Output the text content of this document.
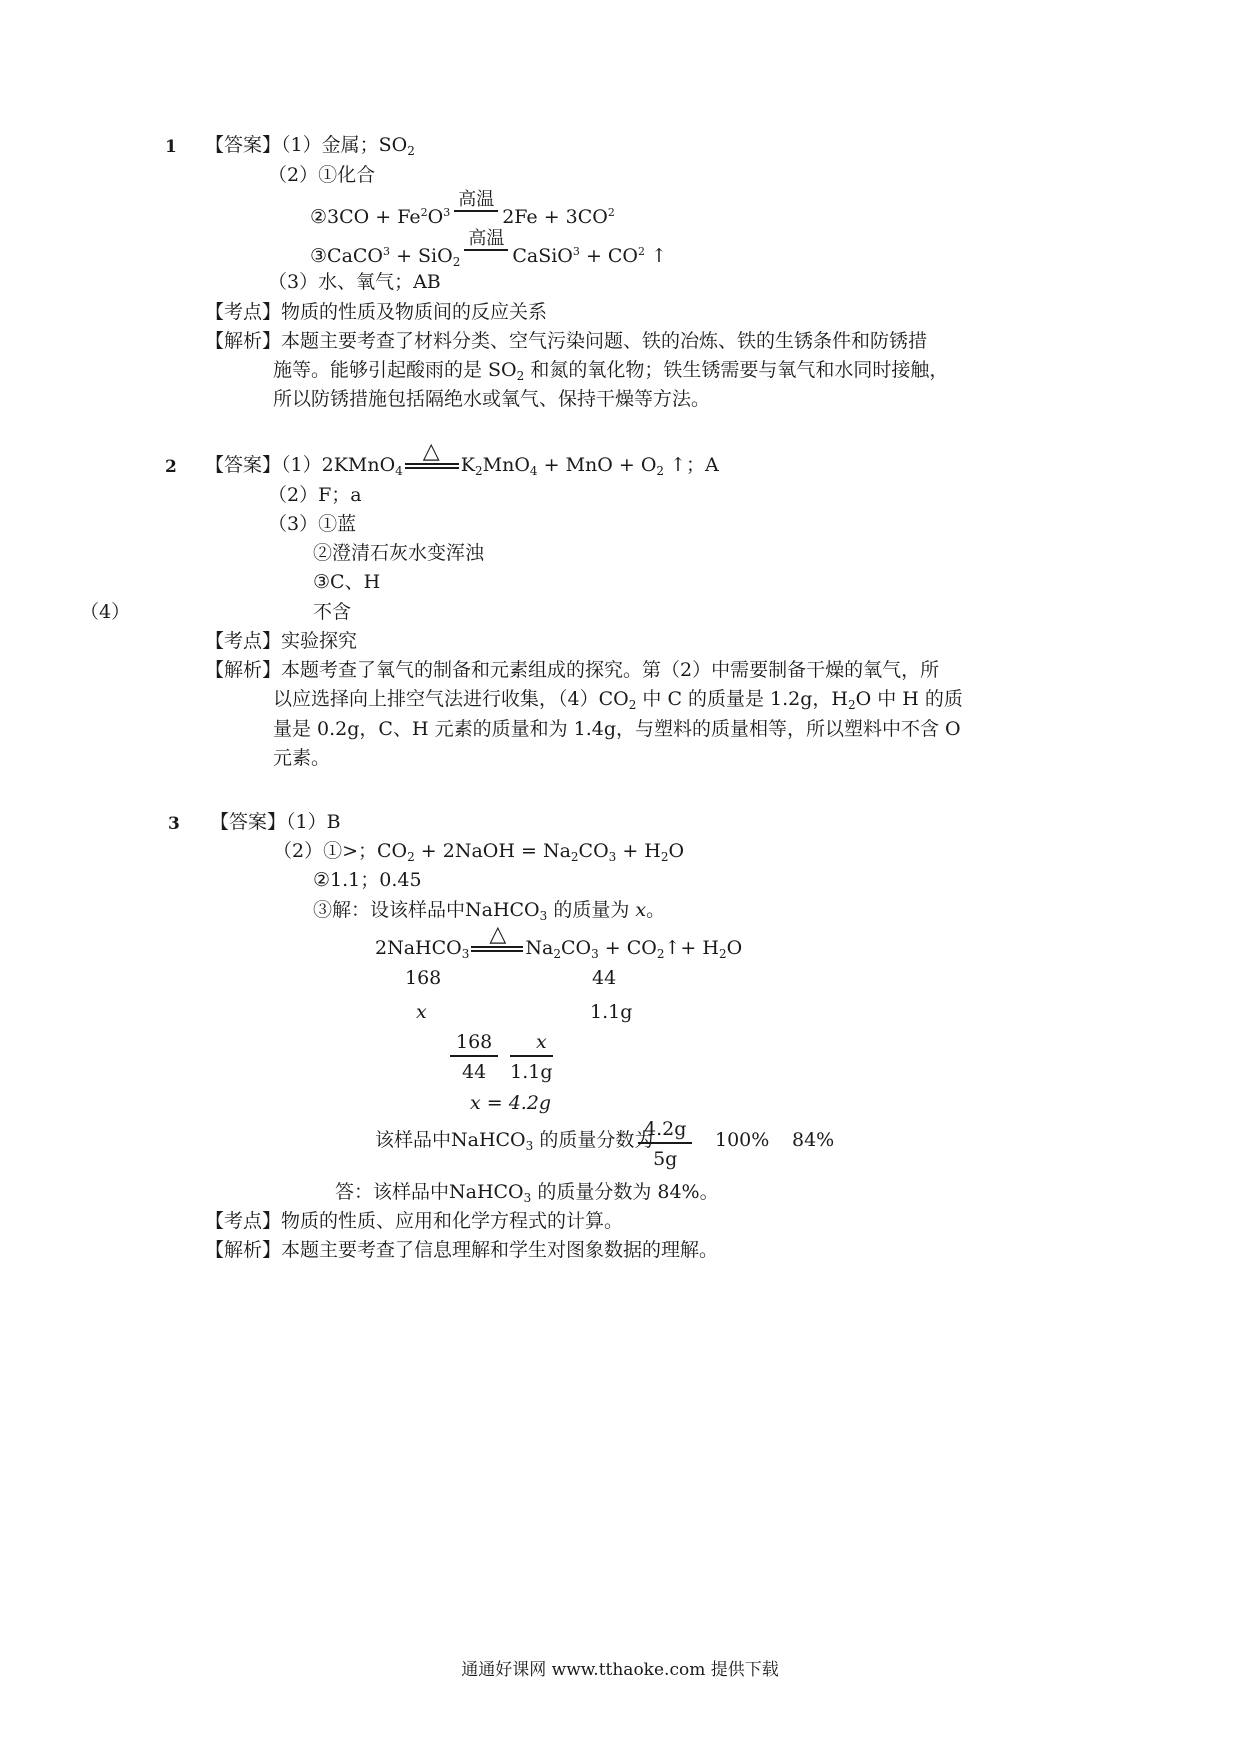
1 【答案】（1）金属；$SO_2$
（2）①化合
②3CO + $Fe^2O^3$
高温
$2Fe + 3CO^2$
③CaCO$^3$ + SiO$_2$
高温
CaSiO$^3$ + $CO^2$ ↑
（3）水、氧气；AB
【考点】物质的性质及物质间的反应关系
【解析】本题主要考查了材料分类、空气污染问题、铁的冶炼、铁的生锈条件和防锈措
施等。能够引起酸雨的是 $SO_2$ 和氮的氧化物；铁生锈需要与氧气和水同时接触，
所以防锈措施包括隔绝水或氧气、保持干燥等方法。
2 【答案】（1）2KMnO$_4$
△
$K_2MnO_4$ + MnO + $O_2$ ↑；A
（2）F；a
（3）①蓝
②澄清石灰水变浑浊
③C、H
（4）	不含
【考点】实验探究
【解析】本题考查了氧气的制备和元素组成的探究。第（2）中需要制备干燥的氧气，所
以应选择向上排空气法进行收集，$(4)CO_2$ 中 C 的质量是 1.2g，$H_2O$ 中 H 的质
量是 0.2g，C、H 元素的质量和为 1.4g，与塑料的质量相等，所以塑料中不含 O
元素。
3 【答案】（1）B
（2）①>；$CO_2$ + 2NaOH = $Na_2CO_3 + H_2O$
②1.1；0.45
③解：设该样品中NaHCO$_3$ 的质量为 x。
2NaHCO$_3$
△
$Na_2CO_3$ + $CO_2↑+ H_2O$
168	44
x	1.1g
$\frac{168}{44} \frac{x}{1.1g}$
x = 4.2g
该样品中NaHCO$_3$ 的质量分数为
$\frac{4.2g}{5g} 100\%$ 84%
答：该样品中NaHCO$_3$ 的质量分数为 84%。
【考点】物质的性质、应用和化学方程式的计算。
【解析】本题主要考查了信息理解和学生对图象数据的理解。
通通好课网 www.tthaoke.com 提供下载
